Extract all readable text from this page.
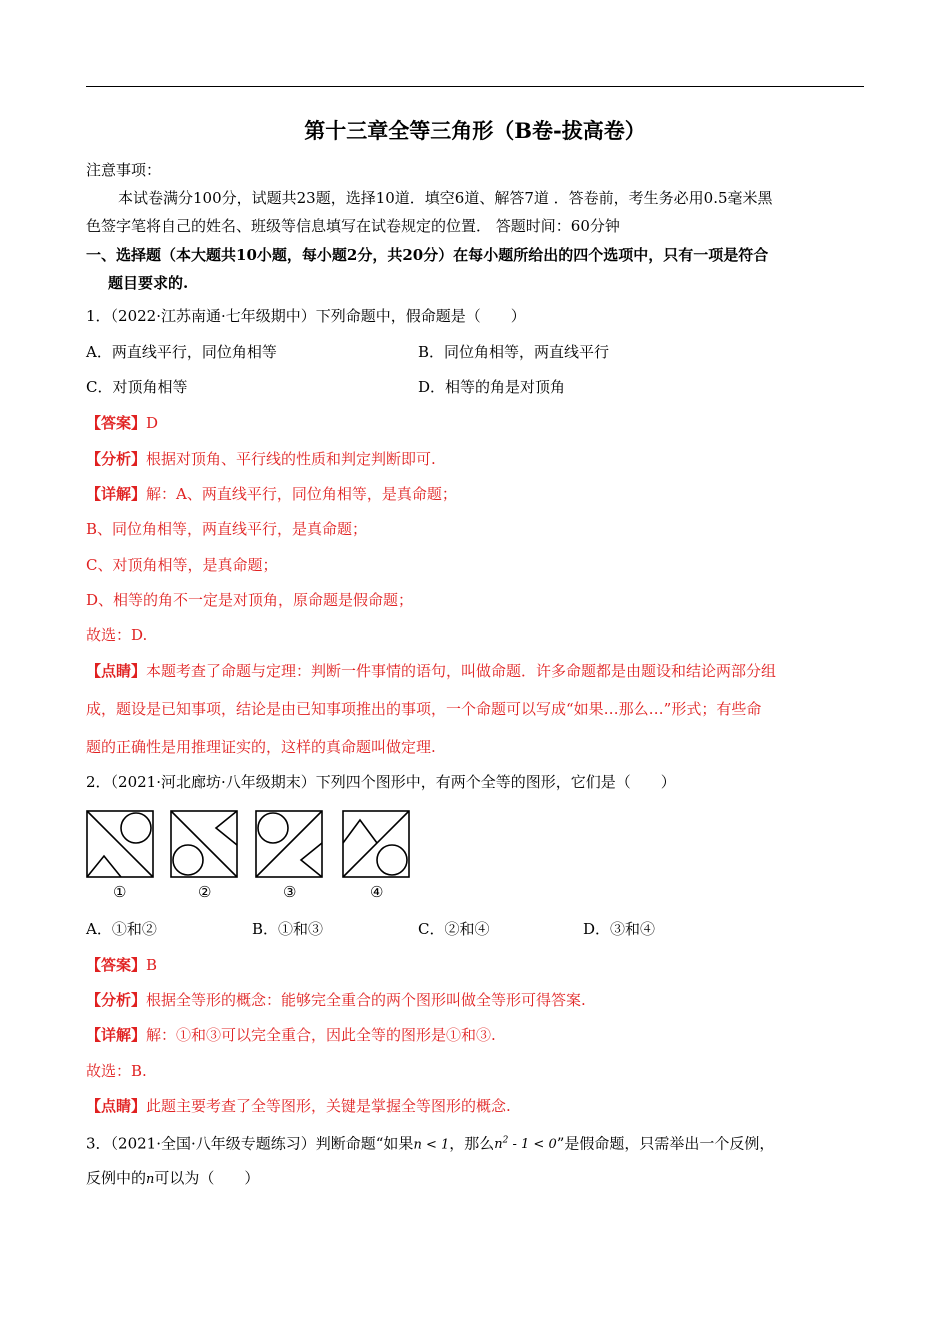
第十三章全等三角形（B卷-拔高卷）
注意事项：
本试卷满分100分，试题共23题，选择10道．填空6道、解答7道 ．答卷前，考生务必用0.5毫米黑
色签字笔将自己的姓名、班级等信息填写在试卷规定的位置． 答题时间：60分钟
一、选择题（本大题共10小题，每小题2分，共20分）在每小题所给出的四个选项中，只有一项是符合
题目要求的.
1．（2022·江苏南通·七年级期中）下列命题中，假命题是（　　）
A．两直线平行，同位角相等	B．同位角相等，两直线平行
C．对顶角相等	D．相等的角是对顶角
【答案】D
【分析】根据对顶角、平行线的性质和判定判断即可.
【详解】解：A、两直线平行，同位角相等，是真命题；
B、同位角相等，两直线平行，是真命题；
C、对顶角相等，是真命题；
D、相等的角不一定是对顶角，原命题是假命题；
故选：D.
【点睛】本题考查了命题与定理：判断一件事情的语句，叫做命题．许多命题都是由题设和结论两部分组
成，题设是已知事项，结论是由已知事项推出的事项，一个命题可以写成“如果…那么…”形式；有些命
题的正确性是用推理证实的，这样的真命题叫做定理.
2．（2021·河北廊坊·八年级期末）下列四个图形中，有两个全等的图形，它们是（　　）
①	②	③	④
A．①和②	B．①和③	C．②和④	D．③和④
【答案】B
【分析】根据全等形的概念：能够完全重合的两个图形叫做全等形可得答案.
【详解】解：①和③可以完全重合，因此全等的图形是①和③.
故选：B.
【点睛】此题主要考查了全等图形，关键是掌握全等图形的概念.
3．（2021·全国·八年级专题练习）判断命题“如果n < 1，那么$n^2 - 1 < 0$”是假命题，只需举出一个反例，
反例中的n可以为（　　）
